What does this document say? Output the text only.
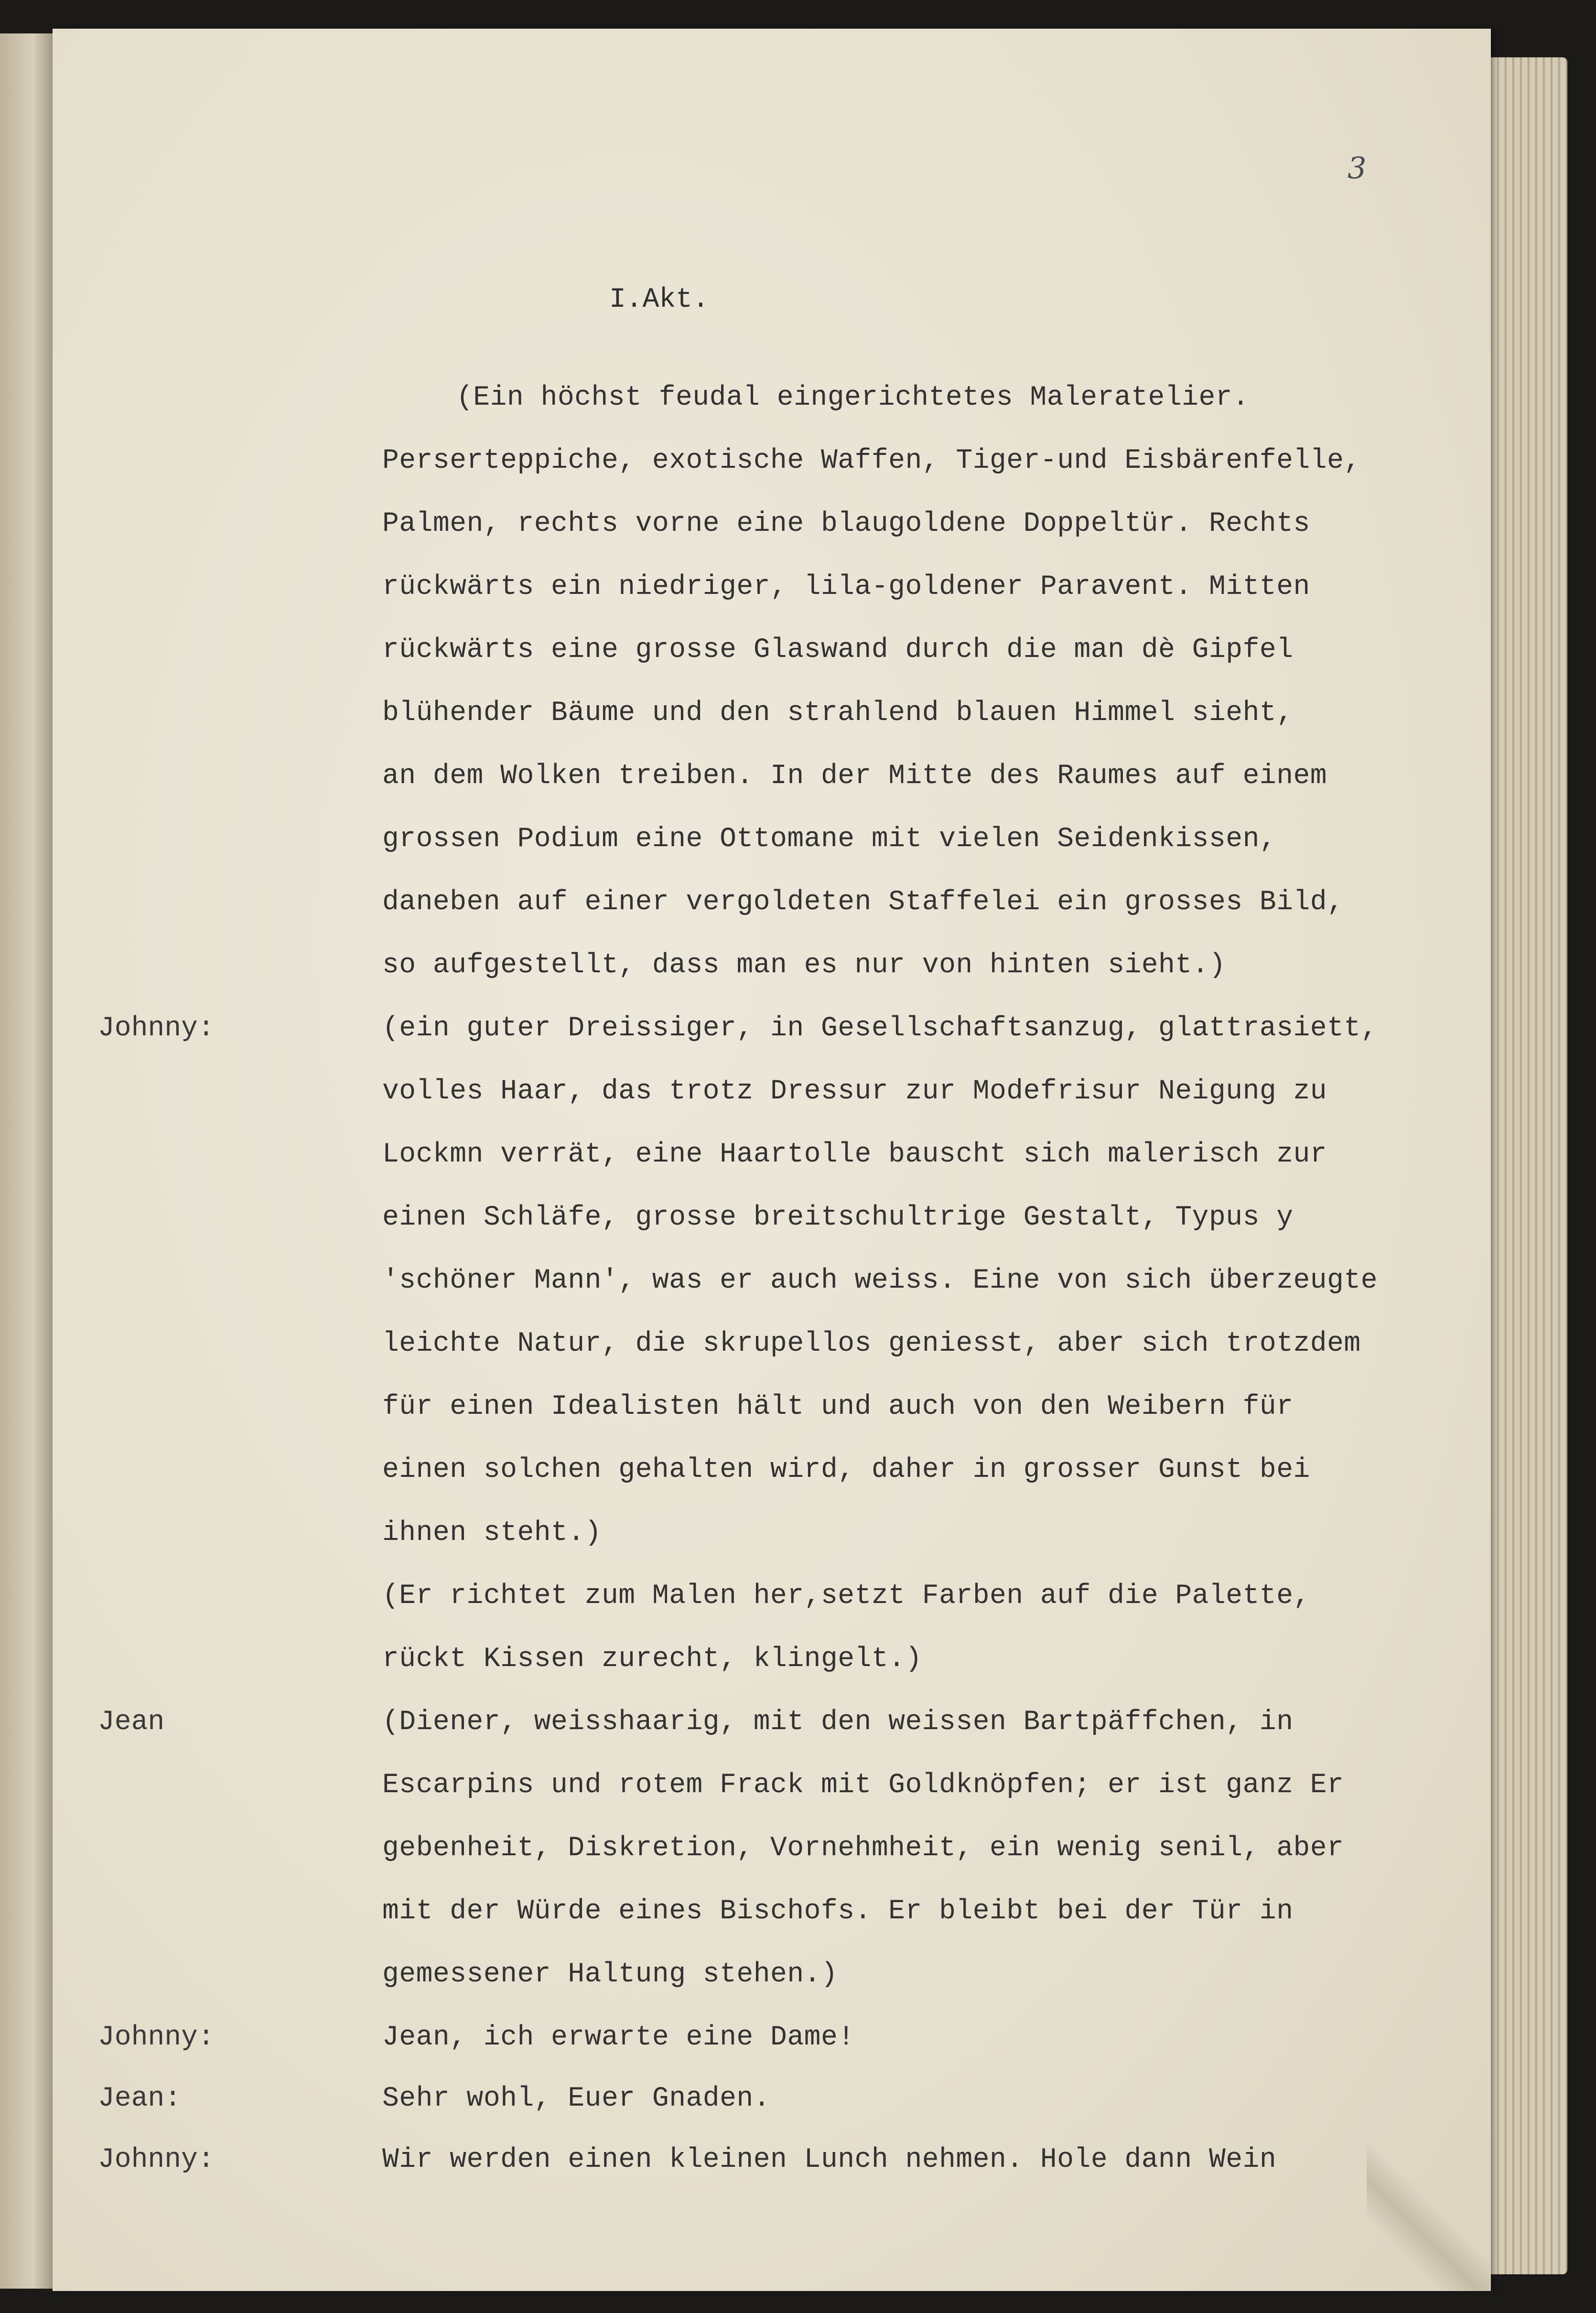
3
I.Akt.
(Ein höchst feudal eingerichtetes Maleratelier.
Perserteppiche, exotische Waffen, Tiger-und Eisbärenfelle,
Palmen, rechts vorne eine blaugoldene Doppeltür. Rechts
rückwärts ein niedriger, lila-goldener Paravent. Mitten
rückwärts eine grosse Glaswand durch die man dè Gipfel
blühender Bäume und den strahlend blauen Himmel sieht,
an dem Wolken treiben. In der Mitte des Raumes auf einem
grossen Podium eine Ottomane mit vielen Seidenkissen,
daneben auf einer vergoldeten Staffelei ein grosses Bild,
so aufgestellt, dass man es nur von hinten sieht.)
Johnny:	(ein guter Dreissiger, in Gesellschaftsanzug, glattrasiett,
volles Haar, das trotz Dressur zur Modefrisur Neigung zu
Lockmn verrät, eine Haartolle bauscht sich malerisch zur
einen Schläfe, grosse breitschultrige Gestalt, Typus y
'schöner Mann', was er auch weiss. Eine von sich überzeugte
leichte Natur, die skrupellos geniesst, aber sich trotzdem
für einen Idealisten hält und auch von den Weibern für
einen solchen gehalten wird, daher in grosser Gunst bei
ihnen steht.)
(Er richtet zum Malen her,setzt Farben auf die Palette,
rückt Kissen zurecht, klingelt.)
Jean	(Diener, weisshaarig, mit den weissen Bartpäffchen, in
Escarpins und rotem Frack mit Goldknöpfen; er ist ganz Er
gebenheit, Diskretion, Vornehmheit, ein wenig senil, aber
mit der Würde eines Bischofs. Er bleibt bei der Tür in
gemessener Haltung stehen.)
Johnny:	Jean, ich erwarte eine Dame!
Jean:	Sehr wohl, Euer Gnaden.
Johnny:	Wir werden einen kleinen Lunch nehmen. Hole dann Wein
